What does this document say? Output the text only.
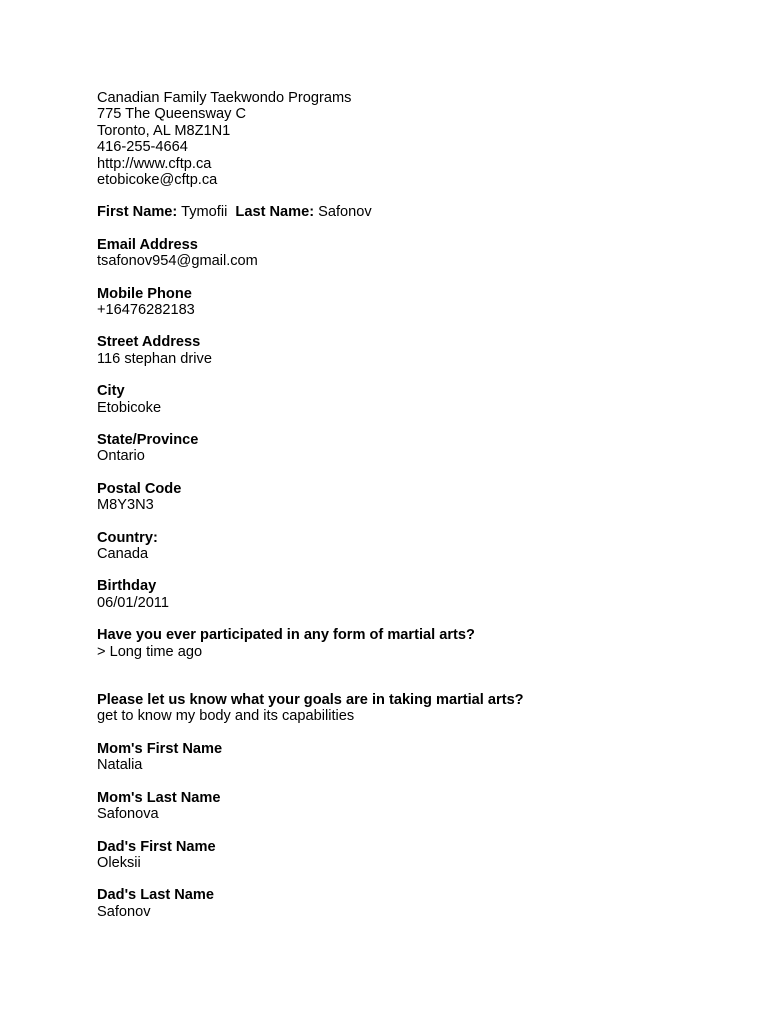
Canadian Family Taekwondo Programs
775 The Queensway C
Toronto, AL M8Z1N1
416-255-4664
http://www.cftp.ca
etobicoke@cftp.ca
First Name: Tymofii Last Name: Safonov
Email Address
tsafonov954@gmail.com
Mobile Phone
+16476282183
Street Address
116 stephan drive
City
Etobicoke
State/Province
Ontario
Postal Code
M8Y3N3
Country:
Canada
Birthday
06/01/2011
Have you ever participated in any form of martial arts?
> Long time ago
Please let us know what your goals are in taking martial arts?
get to know my body and its capabilities
Mom's First Name
Natalia
Mom's Last Name
Safonova
Dad's First Name
Oleksii
Dad's Last Name
Safonov
